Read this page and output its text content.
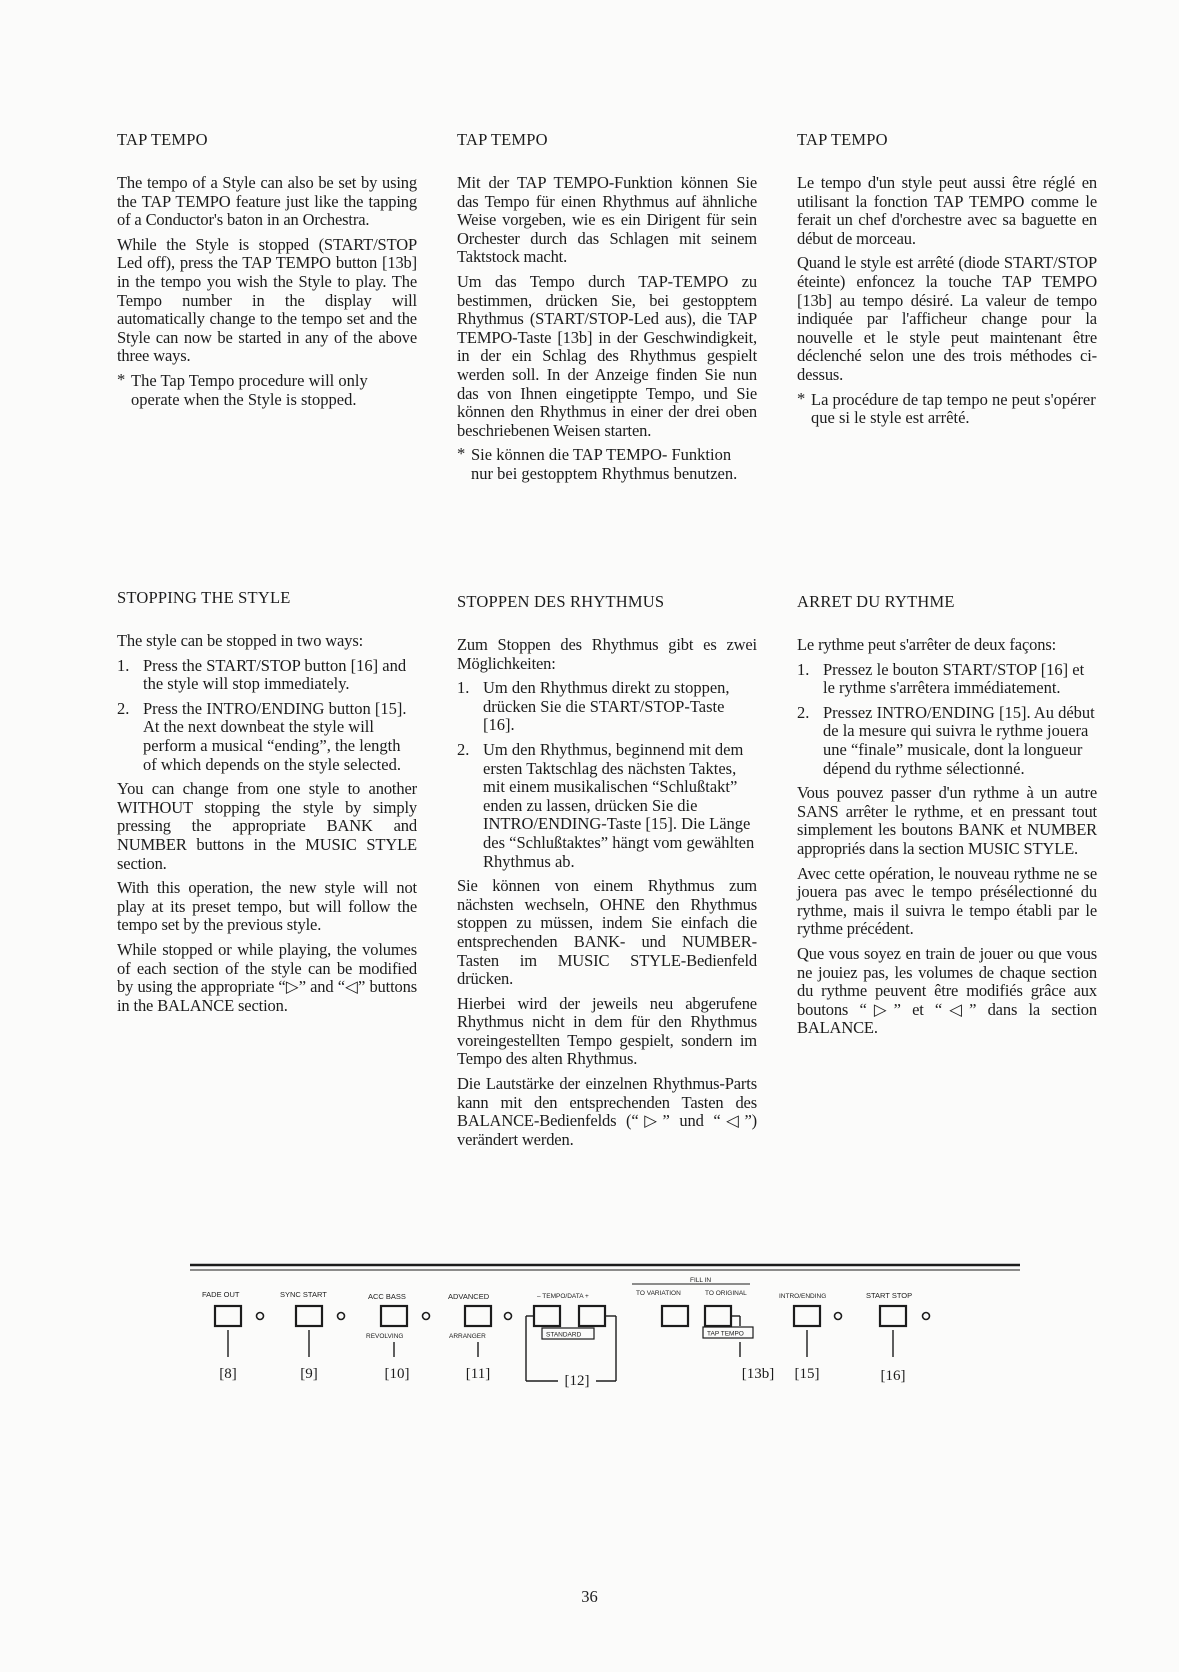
TAP TEMPO

The tempo of a Style can also be set by using the TAP TEMPO feature just like the tapping of a Conductor's baton in an Orchestra.

While the Style is stopped (START/STOP Led off), press the TAP TEMPO button [13b] in the tempo you wish the Style to play. The Tempo number in the display will automatically change to the tempo set and the Style can now be started in any of the above three ways.

* The Tap Tempo procedure will only operate when the Style is stopped.
STOPPING THE STYLE

The style can be stopped in two ways:

1. Press the START/STOP button [16] and the style will stop immediately.
2. Press the INTRO/ENDING button [15]. At the next downbeat the style will perform a musical “ending”, the length of which depends on the style selected.

You can change from one style to another WITHOUT stopping the style by simply pressing the appropriate BANK and NUMBER buttons in the MUSIC STYLE section.

With this operation, the new style will not play at its preset tempo, but will follow the tempo set by the previous style.

While stopped or while playing, the volumes of each section of the style can be modified by using the appropriate “▷” and “◁” buttons in the BALANCE section.

TAP TEMPO

Mit der TAP TEMPO-Funktion können Sie das Tempo für einen Rhythmus auf ähnliche Weise vorgeben, wie es ein Dirigent für sein Orchester durch das Schlagen mit seinem Taktstock macht.

Um das Tempo durch TAP-TEMPO zu bestimmen, drücken Sie, bei gestopptem Rhythmus (START/STOP-Led aus), die TAP TEMPO-Taste [13b] in der Geschwindigkeit, in der ein Schlag des Rhythmus gespielt werden soll. In der Anzeige finden Sie nun das von Ihnen eingetippte Tempo, und Sie können den Rhythmus in einer der drei oben beschriebenen Weisen starten.

* Sie können die TAP TEMPO- Funktion nur bei gestopptem Rhythmus benutzen.
STOPPEN DES RHYTHMUS

Zum Stoppen des Rhythmus gibt es zwei Möglichkeiten:

1. Um den Rhythmus direkt zu stoppen, drücken Sie die START/STOP-Taste [16].
2. Um den Rhythmus, beginnend mit dem ersten Taktschlag des nächsten Taktes, mit einem musikalischen “Schlußtakt” enden zu lassen, drücken Sie die INTRO/ENDING-Taste [15]. Die Länge des “Schlußtaktes” hängt vom gewählten Rhythmus ab.

Sie können von einem Rhythmus zum nächsten wechseln, OHNE den Rhythmus stoppen zu müssen, indem Sie einfach die entsprechenden BANK- und NUMBER-Tasten im MUSIC STYLE-Bedienfeld drücken.

Hierbei wird der jeweils neu abgerufene Rhythmus nicht in dem für den Rhythmus voreingestellten Tempo gespielt, sondern im Tempo des alten Rhythmus.

Die Lautstärke der einzelnen Rhythmus-Parts kann mit den entsprechenden Tasten des BALANCE-Bedienfelds (“▷” und “◁”) verändert werden.

TAP TEMPO

Le tempo d'un style peut aussi être réglé en utilisant la fonction TAP TEMPO comme le ferait un chef d'orchestre avec sa baguette en début de morceau.

Quand le style est arrêté (diode START/STOP éteinte) enfoncez la touche TAP TEMPO [13b] au tempo désiré. La valeur de tempo indiquée par l'afficheur change pour la nouvelle et le style peut maintenant être déclenché selon une des trois méthodes ci-dessus.

* La procédure de tap tempo ne peut s'opérer que si le style est arrêté.
ARRET DU RYTHME

Le rythme peut s'arrêter de deux façons:

1. Pressez le bouton START/STOP [16] et le rythme s'arrêtera immédiatement.
2. Pressez INTRO/ENDING [15]. Au début de la mesure qui suivra le rythme jouera une “finale” musicale, dont la longueur dépend du rythme sélectionné.

Vous pouvez passer d'un rythme à un autre SANS arrêter le rythme, et en pressant tout simplement les boutons BANK et NUMBER appropriés dans la section MUSIC STYLE.

Avec cette opération, le nouveau rythme ne se jouera pas avec le tempo présélectionné du rythme, mais il suivra le tempo établi par le rythme précédent.

Que vous soyez en train de jouer ou que vous ne jouiez pas, les volumes de chaque section du rythme peuvent être modifiés grâce aux boutons “▷” et “◁” dans la section BALANCE.

FADE OUT	SYNC START	ACC BASS
REVOLVING
ADVANCED
ARRANGER
– TEMPO/DATA +
STANDARD
FILL IN
TO VARIATION	TO ORIGINAL
TAP TEMPO
INTRO/ENDING	START STOP
[8]	[9]	[10]	[11]	[12]	[13b] [15]	[16]
36
